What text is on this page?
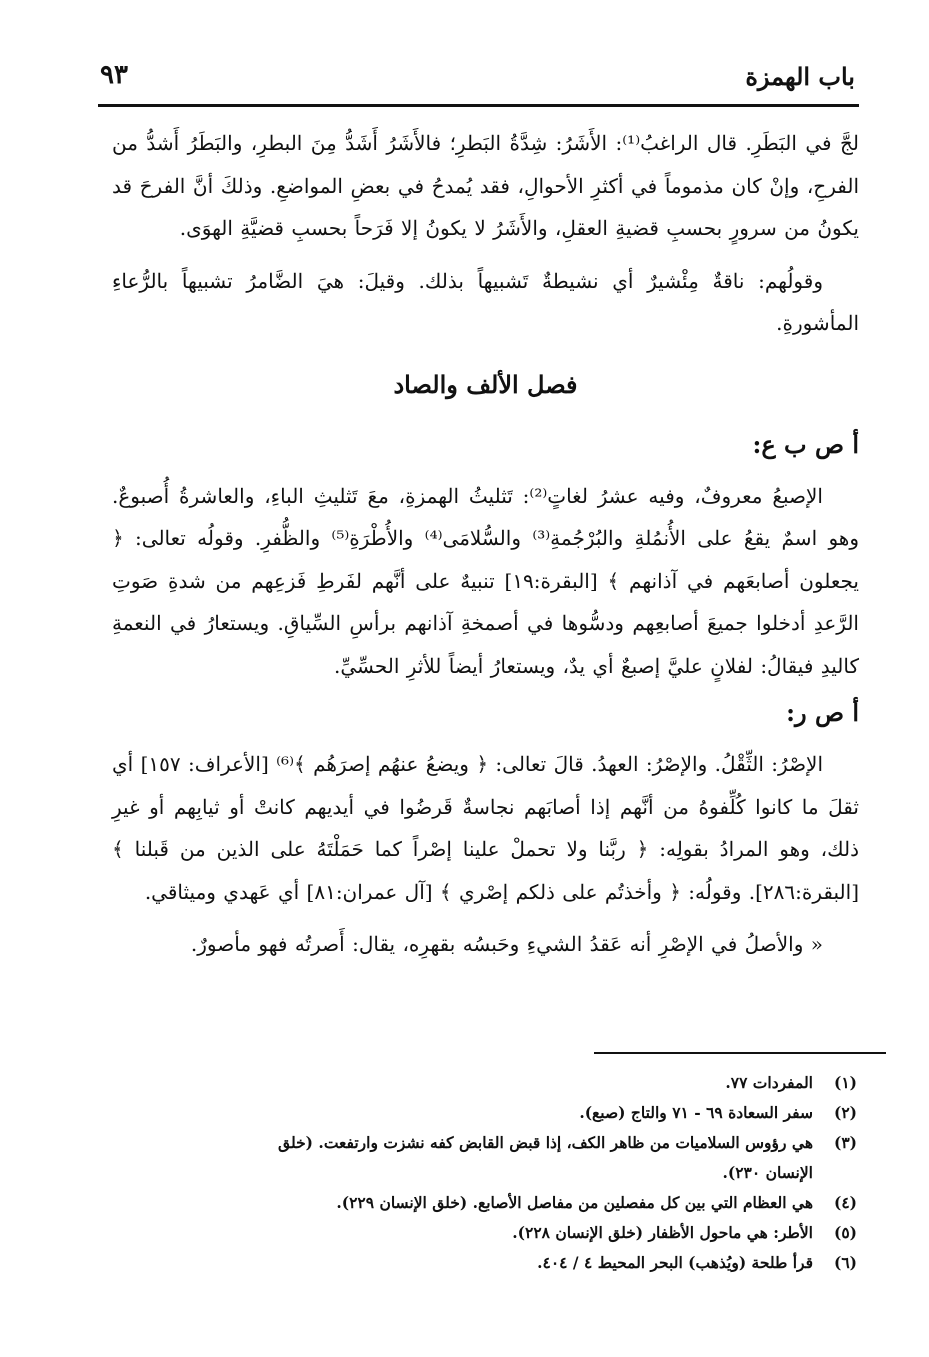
باب الهمزة
٩٣

لجَّ في البَطَرِ. قال الراغبُ⁽¹⁾: الأَشَرُ: شِدَّةُ البَطرِ؛ فالأَشَرُ أَشَدُّ مِنَ البطرِ، والبَطَرُ أَشدُّ من الفرحِ، وإنْ كان مذموماً في أكثرِ الأحوالِ، فقد يُمدحُ في بعضِ المواضعِ. وذلكَ أنَّ الفرحَ قد يكونُ من سرورٍ بحسبِ قضيةِ العقلِ، والأَشَرُ لا يكونُ إلا فَرَحاً بحسبِ قضيَّةِ الهوَى.

وقولُهم: ناقةٌ مِئْشيرٌ أي نشيطةٌ تَشبيهاً بذلك. وقيلَ: هيَ الضَّامرُ تشبيهاً بالرُّعاءِ المأشورةِ.

فصل الألف والصاد
أ ص ب ع:

الإصبعُ معروفٌ، وفيه عشرُ لغاتٍ⁽²⁾: تَثليثُ الهمزةِ، معَ تَثليثِ الباءِ، والعاشرةُ أُصبوعٌ. وهو اسمٌ يقعُ على الأُنمُلةِ والبُرْجُمةِ⁽³⁾ والسُّلامَى⁽⁴⁾ والأُطْرَةِ⁽⁵⁾ والظُّفرِ. وقولُه تعالى: ﴿ يجعلون أصابعَهم في آذانهم ﴾ [البقرة:١٩] تنبيهٌ على أنَّهم لفَرطِ فَزعِهم من شدةِ صَوتِ الرَّعدِ أدخلوا جميعَ أصابعِهم ودسُّوها في أصمخةِ آذانهم برأسِ السِّياقِ. ويستعارُ في النعمةِ كاليدِ فيقالُ: لفلانٍ عليَّ إصبعٌ أي يدٌ، ويستعارُ أيضاً للأثرِ الحسِّيِّ.

أ ص ر:

الإصْرُ: الثِّقْلُ. والإصْرُ: العهدُ. قالَ تعالى: ﴿ ويضعُ عنهُم إصرَهُم ﴾⁽⁶⁾ [الأعراف: ١٥٧] أي ثقلَ ما كانوا كُلِّفوهُ من أنَّهم إذا أصابَهم نجاسةٌ قَرضُوا في أيديهم كانتْ أو ثيابِهم أو غيرِ ذلك، وهو المرادُ بقولِه: ﴿ ربَّنا ولا تحملْ علينا إصْراً كما حَمَلْتَهُ على الذين من قَبلنا ﴾ [البقرة:٢٨٦]. وقولُه: ﴿ وأخذتُم على ذلكم إصْري ﴾ [آل عمران:٨١] أي عَهدي وميثاقي.

« والأصلُ في الإصْرِ أنه عَقدُ الشيءِ وحَبسُه بقهرِه، يقال: أَصرتُه فهو مأصورٌ.

(١)المفردات ٧٧.

(٢)سفر السعادة ٦٩ - ٧١ والتاج (صبع).

(٣)هي رؤوس السلاميات من ظاهر الكف، إذا قبض القابض كفه نشزت وارتفعت. (خلق
الإنسان ٢٣٠).

(٤)هي العظام التي بين كل مفصلين من مفاصل الأصابع. (خلق الإنسان ٢٢٩).

(٥)الأطر: هي ماحول الأظفار (خلق الإنسان ٢٢٨).

(٦)قرأ طلحة (ويُذهب) البحر المحيط ٤ / ٤٠٤.
